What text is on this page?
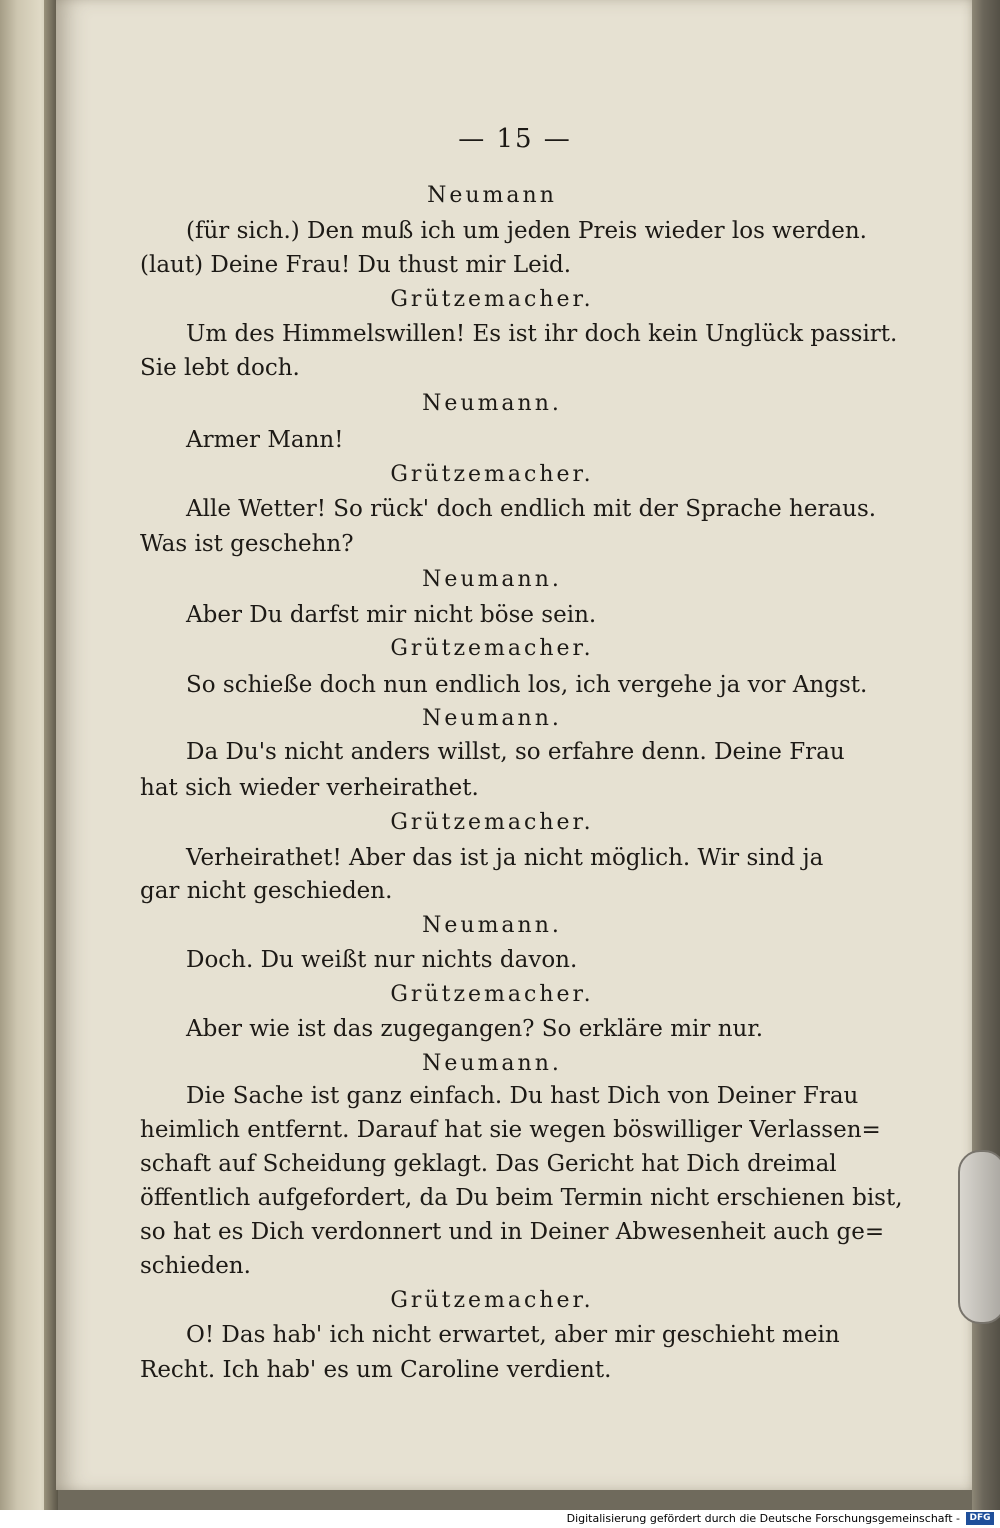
— 15 —
Neumann
(für sich.) Den muß ich um jeden Preis wieder los werden.
(laut) Deine Frau! Du thust mir Leid.
Grützemacher.
Um des Himmelswillen! Es ist ihr doch kein Unglück passirt.
Sie lebt doch.
Neumann.
Armer Mann!
Grützemacher.
Alle Wetter! So rück' doch endlich mit der Sprache heraus.
Was ist geschehn?
Neumann.
Aber Du darfst mir nicht böse sein.
Grützemacher.
So schieße doch nun endlich los, ich vergehe ja vor Angst.
Neumann.
Da Du's nicht anders willst, so erfahre denn. Deine Frau
hat sich wieder verheirathet.
Grützemacher.
Verheirathet! Aber das ist ja nicht möglich. Wir sind ja
gar nicht geschieden.
Neumann.
Doch. Du weißt nur nichts davon.
Grützemacher.
Aber wie ist das zugegangen? So erkläre mir nur.
Neumann.
Die Sache ist ganz einfach. Du hast Dich von Deiner Frau
heimlich entfernt. Darauf hat sie wegen böswilliger Verlassen=
schaft auf Scheidung geklagt. Das Gericht hat Dich dreimal
öffentlich aufgefordert, da Du beim Termin nicht erschienen bist,
so hat es Dich verdonnert und in Deiner Abwesenheit auch ge=
schieden.
Grützemacher.
O! Das hab' ich nicht erwartet, aber mir geschieht mein
Recht. Ich hab' es um Caroline verdient.
Digitalisierung gefördert durch die Deutsche Forschungsgemeinschaft -	DFG
